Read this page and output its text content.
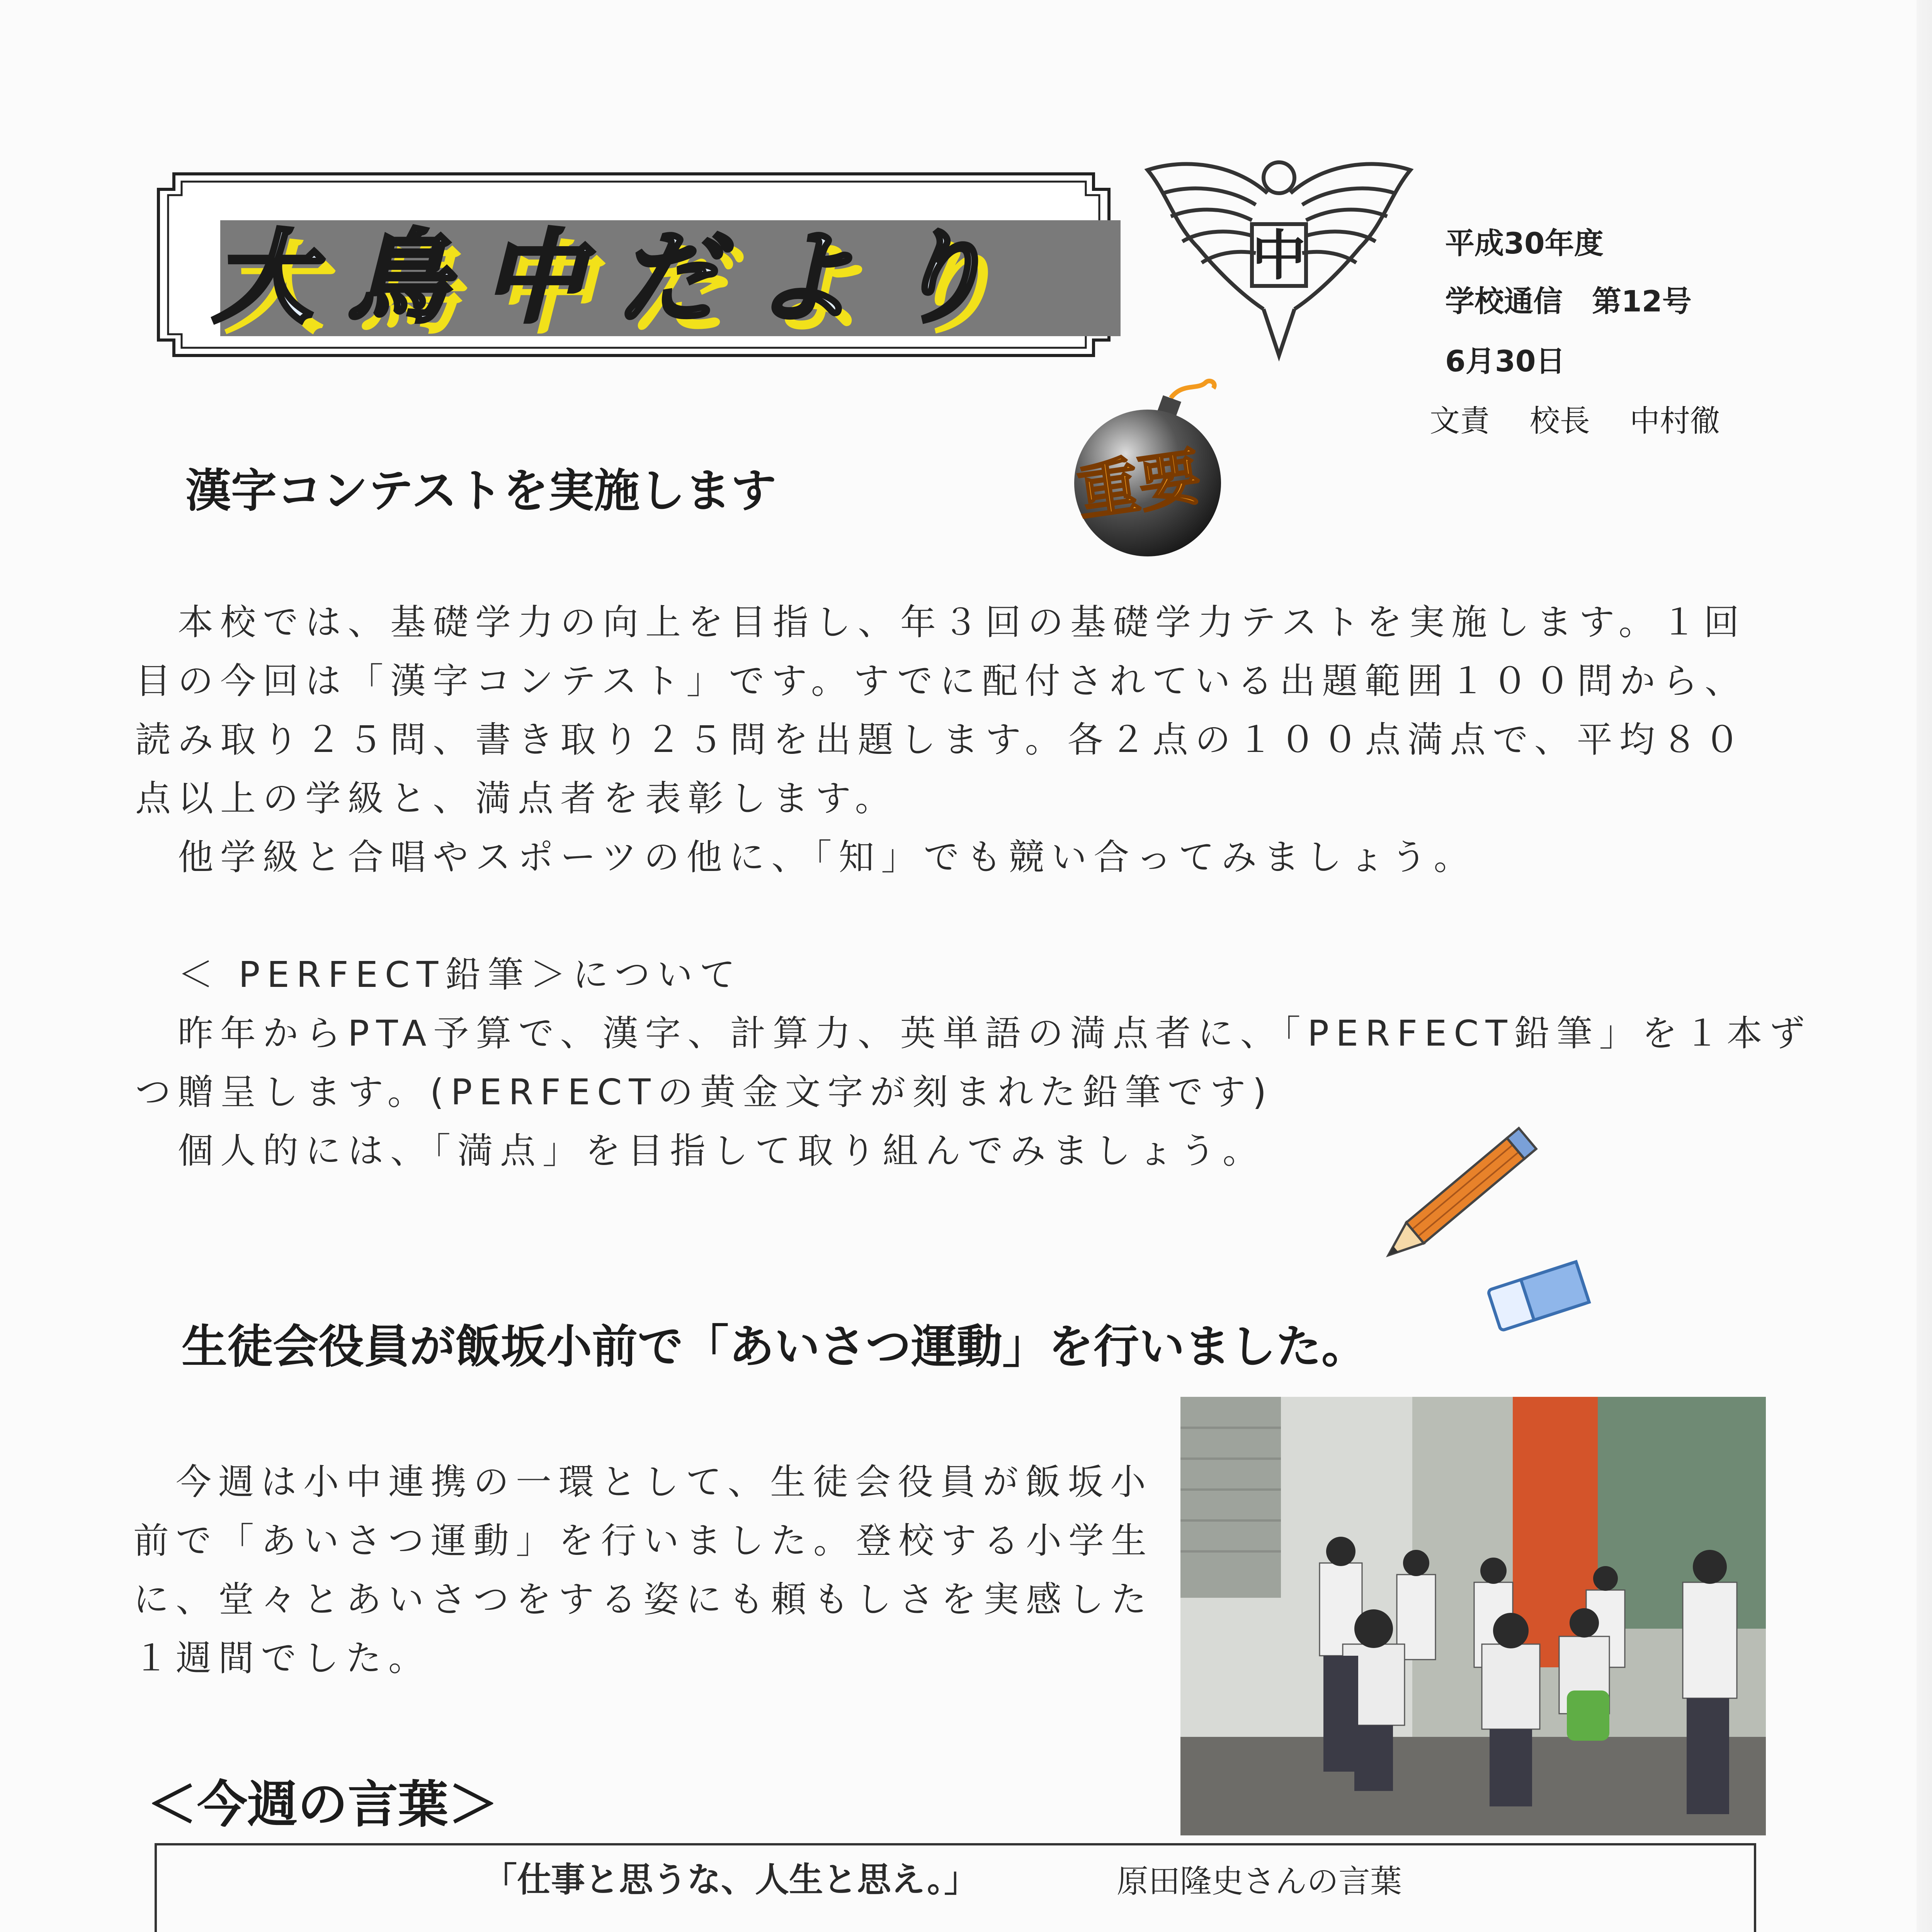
大鳥中だより	中	平成30年度
学校通信　第12号
6月30日
文責　 校長　 中村徹
重要
漢字コンテストを実施します
　本校では、基礎学力の向上を目指し、年３回の基礎学力テストを実施します。１回
目の今回は「漢字コンテスト」です。すでに配付されている出題範囲１００問から、
読み取り２５問、書き取り２５問を出題します。各２点の１００点満点で、平均８０
点以上の学級と、満点者を表彰します。
　他学級と合唱やスポーツの他に、「知」でも競い合ってみましょう。
　＜ PERFECT鉛筆＞について
　昨年からPTA予算で、漢字、計算力、英単語の満点者に、「PERFECT鉛筆」を１本ず
つ贈呈します。(PERFECTの黄金文字が刻まれた鉛筆です)
　個人的には、「満点」を目指して取り組んでみましょう。
生徒会役員が飯坂小前で「あいさつ運動」を行いました。
　今週は小中連携の一環として、生徒会役員が飯坂小
前で「あいさつ運動」を行いました。登校する小学生
に、堂々とあいさつをする姿にも頼もしさを実感した
１週間でした。
＜今週の言葉＞
「仕事と思うな、人生と思え。」	原田隆史さんの言葉
